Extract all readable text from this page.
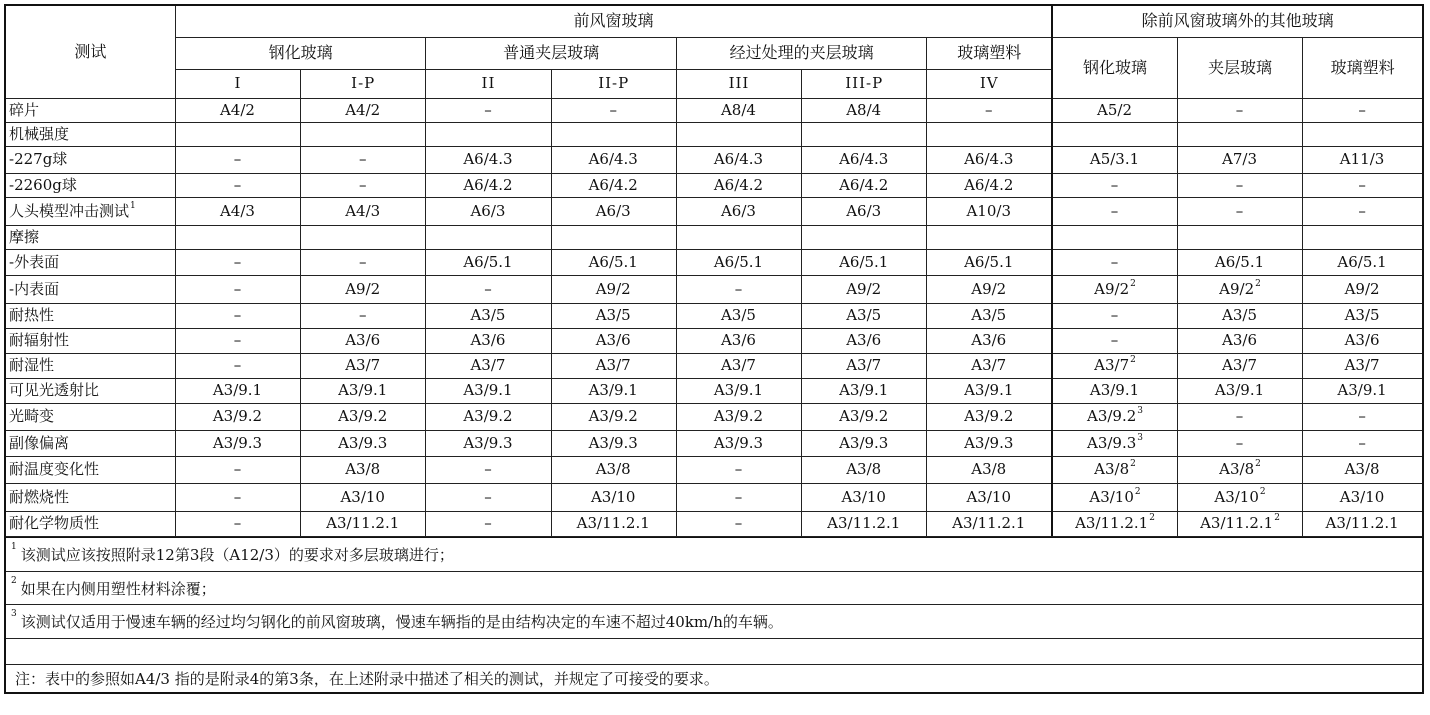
测试	前风窗玻璃							除前风窗玻璃外的其他玻璃		
	钢化玻璃		普通夹层玻璃		经过处理的夹层玻璃		玻璃塑料	钢化玻璃	夹层玻璃	玻璃塑料
	I	I-P	II	II-P	III	III-P	IV			
碎片	A4/2	A4/2	–	–	A8/4	A8/4	–	A5/2	–	–
机械强度										
-227g球	–	–	A6/4.3	A6/4.3	A6/4.3	A6/4.3	A6/4.3	A5/3.1	A7/3	A11/3
-2260g球	–	–	A6/4.2	A6/4.2	A6/4.2	A6/4.2	A6/4.2	–	–	–
人头模型冲击测试$^1$	A4/3	A4/3	A6/3	A6/3	A6/3	A6/3	A10/3	–	–	–
摩擦										
-外表面	–	–	A6/5.1	A6/5.1	A6/5.1	A6/5.1	A6/5.1	–	A6/5.1	A6/5.1
-内表面	–	A9/2	–	A9/2	–	A9/2	A9/2	$A9/2^2$	$A9/2^2$	A9/2
耐热性	–	–	A3/5	A3/5	A3/5	A3/5	A3/5	–	A3/5	A3/5
耐辐射性	–	A3/6	A3/6	A3/6	A3/6	A3/6	A3/6	–	A3/6	A3/6
耐湿性	–	A3/7	A3/7	A3/7	A3/7	A3/7	A3/7	$A3/7^2$	A3/7	A3/7
可见光透射比	A3/9.1	A3/9.1	A3/9.1	A3/9.1	A3/9.1	A3/9.1	A3/9.1	A3/9.1	A3/9.1	A3/9.1
光畸变	A3/9.2	A3/9.2	A3/9.2	A3/9.2	A3/9.2	A3/9.2	A3/9.2	$A3/9.2^3$	–	–
副像偏离	A3/9.3	A3/9.3	A3/9.3	A3/9.3	A3/9.3	A3/9.3	A3/9.3	$A3/9.3^3$	–	–
耐温度变化性	–	A3/8	–	A3/8	–	A3/8	A3/8	$A3/8^2$	$A3/8^2$	A3/8
耐燃烧性	–	A3/10	–	A3/10	–	A3/10	A3/10	$A3/10^2$	$A3/10^2$	A3/10
耐化学物质性	–	A3/11.2.1	–	A3/11.2.1	–	A3/11.2.1	A3/11.2.1	A3/11.2.1$^2$	A3/11.2.1$^2$	A3/11.2.1
$^1$ 该测试应该按照附录12第3段（A12/3）的要求对多层玻璃进行；
$^2$ 如果在内侧用塑性材料涂覆；
$^3$ 该测试仅适用于慢速车辆的经过均匀钢化的前风窗玻璃，慢速车辆指的是由结构决定的车速不超过40km/h的车辆。

注：表中的参照如A4/3 指的是附录4的第3条，在上述附录中描述了相关的测试，并规定了可接受的要求。
